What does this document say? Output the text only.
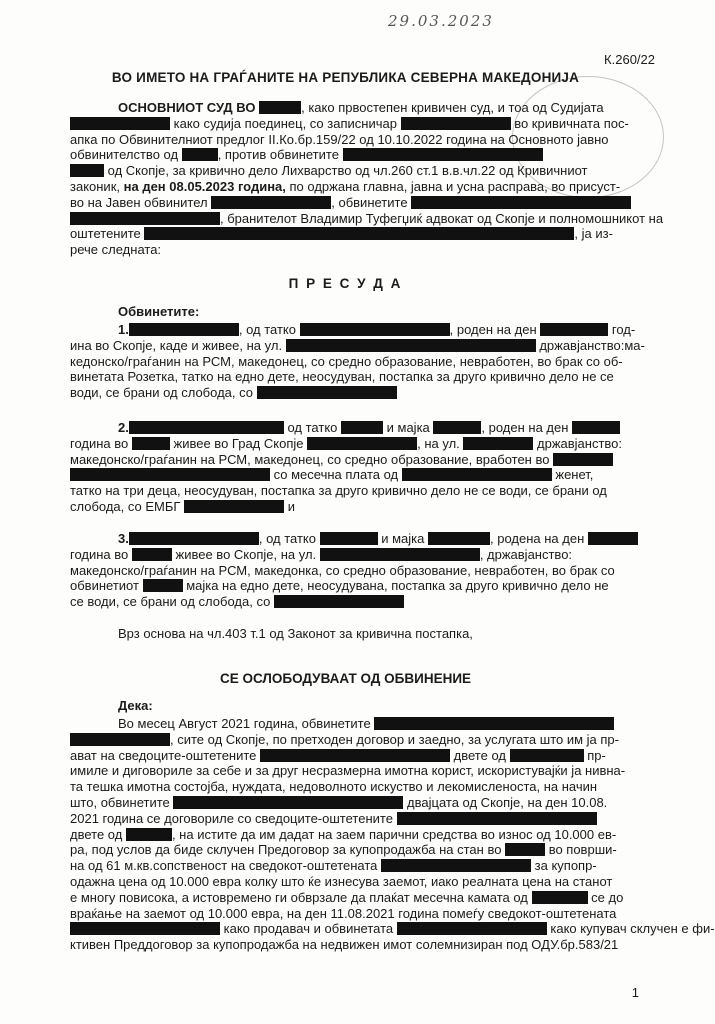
29.03.2023
К.260/22
ВО ИМЕТО НА ГРАЃАНИТЕ НА РЕПУБЛИКА СЕВЕРНА МАКЕДОНИЈА
ОСНОВНИОТ СУД ВО	, како првостепен кривичен суд, и тоа од Судијата
како судија поединец, со записничар	во кривичната пос-
апка по Обвинителниот предлог II.Ко.бр.159/22 од 10.10.2022 година на Основното јавно
обвинителство од	, против обвинетите
од Скопје, за кривично дело Лихварство од чл.260 ст.1 в.в.чл.22 од Кривичниот
законик, на ден 08.05.2023 година, по одржана главна, јавна и усна расправа, во присуст-
во на Јавен обвинител	, обвинетите
, бранителот Владимир Туфегџиќ адвокат од Скопје и полномошникот на
оштетените	, ја из-
рече следната:
П Р Е С У Д А
Обвинетите:
1.	, од татко	, роден на ден	год-
ина во Скопје, каде и живее, на ул.	државјанство:ма-
кедонско/граѓанин на РСМ, македонец, со средно образование, невработен, во брак со об-
винетата Розетка, татко на едно дете, неосудуван, постапка за друго кривично дело не се
води, се брани од слобода, со
2.	од татко	и мајка	, роден на ден
година во	живее во Град Скопје	, на ул.	државјанство:
македонско/граѓанин на РСМ, македонец, со средно образование, вработен во
со месечна плата од	женет,
татко на три деца, неосудуван, постапка за друго кривично дело не се води, се брани од
слобода, со ЕМБГ	и
3.	, од татко	и мајка	, родена на ден
година во	живее во Скопје, на ул.	, државјанство:
македонско/граѓанин на РСМ, македонка, со средно образование, невработен, во брак со
обвинетиот	мајка на едно дете, неосудувана, постапка за друго кривично дело не
се води, се брани од слобода, со
Врз основа на чл.403 т.1 од Законот за кривична постапка,
СЕ ОСЛОБОДУВААТ ОД ОБВИНЕНИЕ
Дека:
Во месец Август 2021 година, обвинетите
, сите од Скопје, по претходен договор и заедно, за услугата што им ја пр-
ават на сведоците-оштетените	двете од	пр-
имиле и диговориле за себе и за друг несразмерна имотна корист, искористувајќи ја нивна-
та тешка имотна состојба, нуждата, недоволното искуство и лекомисленоста, на начин
што, обвинетите	двајцата од Скопје, на ден 10.08.
2021 година се договориле со сведоците-оштетените
двете од	, на истите да им дадат на заем парични средства во износ од 10.000 ев-
ра, под услов да биде склучен Предоговор за купопродажба на стан во	во површи-
на од 61 м.кв.сопственост на сведокот-оштетената	за купопр-
одажна цена од 10.000 евра колку што ќе изнесува заемот, иако реалната цена на станот
е многу повисока, а истовремено ги обврзале да плаќат месечна камата од	се до
враќање на заемот од 10.000 евра, на ден 11.08.2021 година помеѓу сведокот-оштетената
како продавач и обвинетата	како купувач склучен е фи-
ктивен Преддоговор за купопродажба на недвижен имот солемнизиран под ОДУ.бр.583/21
1
